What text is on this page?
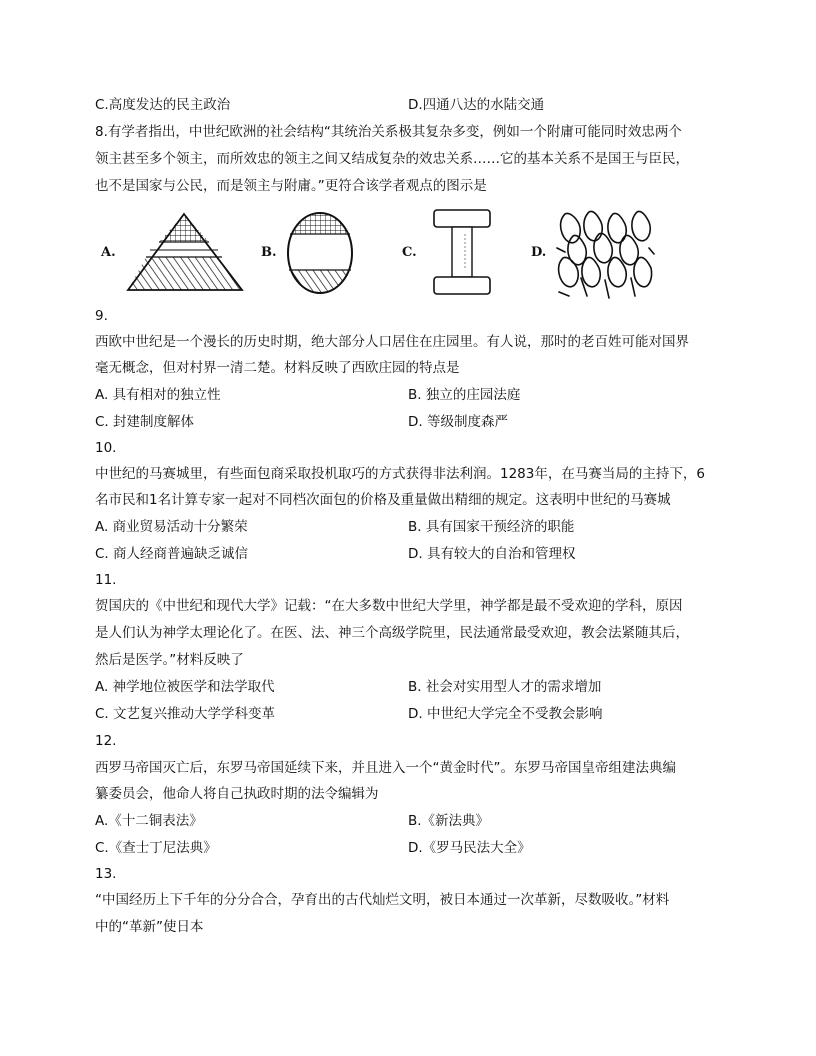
C.高度发达的民主政治	D.四通八达的水陆交通
8.有学者指出，中世纪欧洲的社会结构“其统治关系极其复杂多变，例如一个附庸可能同时效忠两个
领主甚至多个领主，而所效忠的领主之间又结成复杂的效忠关系……它的基本关系不是国王与臣民，
也不是国家与公民，而是领主与附庸。”更符合该学者观点的图示是
A.	B.	C.	D.
9.
西欧中世纪是一个漫长的历史时期，绝大部分人口居住在庄园里。有人说，那时的老百姓可能对国界
毫无概念，但对村界一清二楚。材料反映了西欧庄园的特点是
A. 具有相对的独立性	B. 独立的庄园法庭
C. 封建制度解体	D. 等级制度森严
10.
中世纪的马赛城里，有些面包商采取投机取巧的方式获得非法利润。1283年，在马赛当局的主持下，6
名市民和1名计算专家一起对不同档次面包的价格及重量做出精细的规定。这表明中世纪的马赛城
A. 商业贸易活动十分繁荣	B. 具有国家干预经济的职能
C. 商人经商普遍缺乏诚信	D. 具有较大的自治和管理权
11.
贺国庆的《中世纪和现代大学》记载：“在大多数中世纪大学里，神学都是最不受欢迎的学科，原因
是人们认为神学太理论化了。在医、法、神三个高级学院里，民法通常最受欢迎，教会法紧随其后，
然后是医学。”材料反映了
A. 神学地位被医学和法学取代	B. 社会对实用型人才的需求增加
C. 文艺复兴推动大学学科变革	D. 中世纪大学完全不受教会影响
12.
西罗马帝国灭亡后，东罗马帝国延续下来，并且进入一个“黄金时代”。东罗马帝国皇帝组建法典编
纂委员会，他命人将自己执政时期的法令编辑为
A.《十二铜表法》	B.《新法典》
C.《查士丁尼法典》	D.《罗马民法大全》
13.
“中国经历上下千年的分分合合，孕育出的古代灿烂文明，被日本通过一次革新，尽数吸收。”材料
中的“革新”使日本
